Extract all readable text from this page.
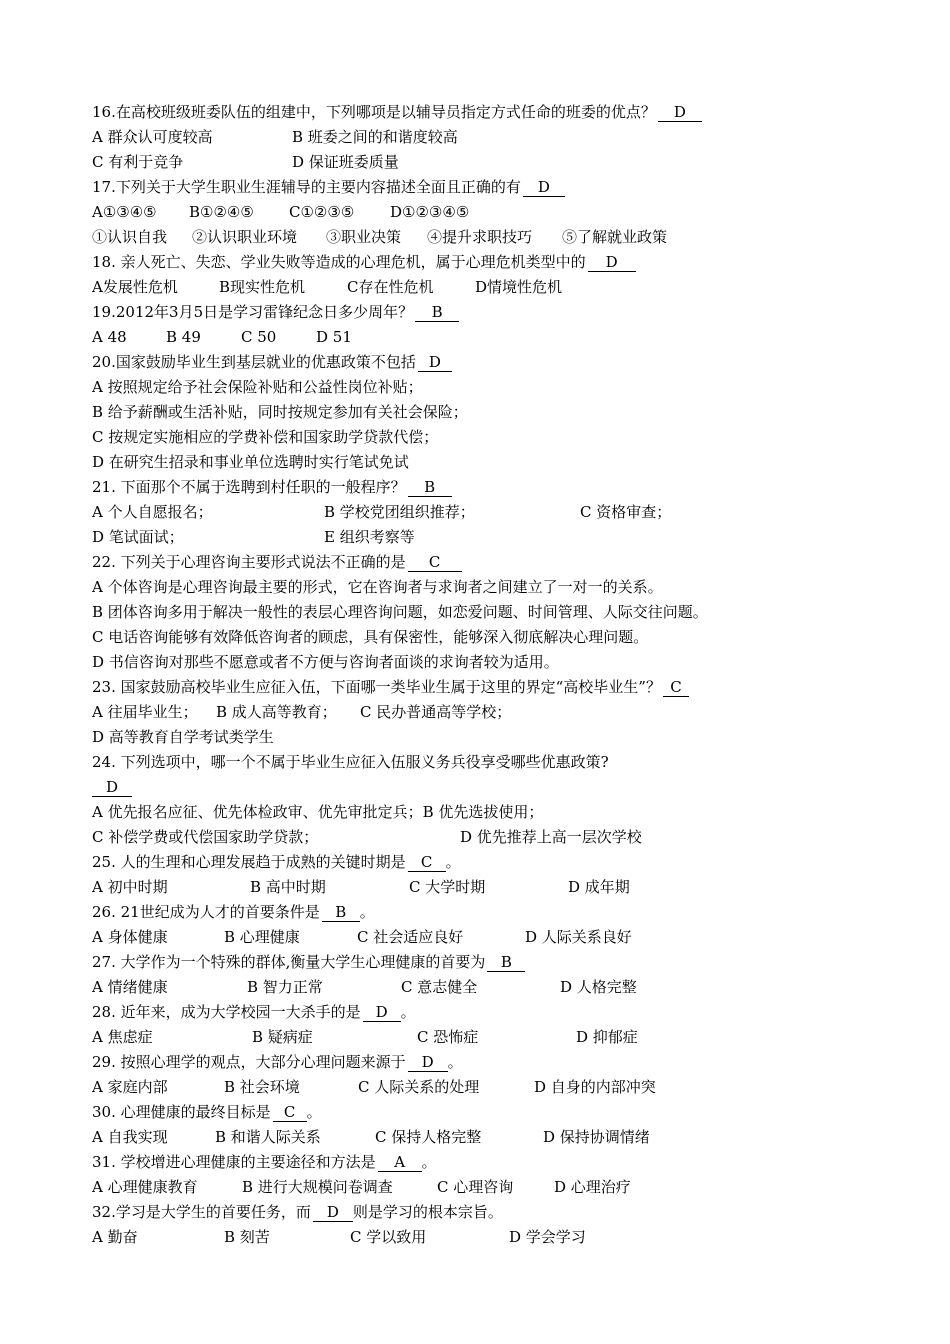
16.在高校班级班委队伍的组建中，下列哪项是以辅导员指定方式任命的班委的优点？ D
A 群众认可度较高	B 班委之间的和谐度较高
C 有利于竞争	D 保证班委质量
17.下列关于大学生职业生涯辅导的主要内容描述全面且正确的有 D
A①③④⑤ B①②④⑤ C①②③⑤ D①②③④⑤
①认识自我 ②认识职业环境 ③职业决策 ④提升求职技巧 ⑤了解就业政策
18. 亲人死亡、失恋、学业失败等造成的心理危机，属于心理危机类型中的 D
A发展性危机	B现实性危机	C存在性危机	D情境性危机
19.2012年3月5日是学习雷锋纪念日多少周年？ B
A 48	B 49	C 50	D 51
20.国家鼓励毕业生到基层就业的优惠政策不包括 D
A 按照规定给予社会保险补贴和公益性岗位补贴；
B 给予薪酬或生活补贴，同时按规定参加有关社会保险；
C 按规定实施相应的学费补偿和国家助学贷款代偿；
D 在研究生招录和事业单位选聘时实行笔试免试
21. 下面那个不属于选聘到村任职的一般程序？ B
A 个人自愿报名；	B 学校党团组织推荐；	C 资格审查；
D 笔试面试；	E 组织考察等
22. 下列关于心理咨询主要形式说法不正确的是 C
A 个体咨询是心理咨询最主要的形式，它在咨询者与求询者之间建立了一对一的关系。
B 团体咨询多用于解决一般性的表层心理咨询问题，如恋爱问题、时间管理、人际交往问题。
C 电话咨询能够有效降低咨询者的顾虑，具有保密性，能够深入彻底解决心理问题。
D 书信咨询对那些不愿意或者不方便与咨询者面谈的求询者较为适用。
23. 国家鼓励高校毕业生应征入伍，下面哪一类毕业生属于这里的界定“高校毕业生”？ C
A 往届毕业生； B 成人高等教育； C 民办普通高等学校；
D 高等教育自学考试类学生
24. 下列选项中，哪一个不属于毕业生应征入伍服义务兵役享受哪些优惠政策?
D
A 优先报名应征、优先体检政审、优先审批定兵；B 优先选拔使用；
C 补偿学费或代偿国家助学贷款；	D 优先推荐上高一层次学校
25. 人的生理和心理发展趋于成熟的关键时期是 C 。
A 初中时期	B 高中时期	C 大学时期	D 成年期
26. 21世纪成为人才的首要条件是 B 。
A 身体健康	B 心理健康	C 社会适应良好	D 人际关系良好
27. 大学作为一个特殊的群体,衡量大学生心理健康的首要为 B
A 情绪健康	B 智力正常	C 意志健全	D 人格完整
28. 近年来，成为大学校园一大杀手的是 D 。
A 焦虑症	B 疑病症	C 恐怖症	D 抑郁症
29. 按照心理学的观点，大部分心理问题来源于 D 。
A 家庭内部	B 社会环境	C 人际关系的处理	D 自身的内部冲突
30. 心理健康的最终目标是 C 。
A 自我实现	B 和谐人际关系	C 保持人格完整	D 保持协调情绪
31. 学校增进心理健康的主要途径和方法是 A 。
A 心理健康教育	B 进行大规模问卷调查	C 心理咨询	D 心理治疗
32.学习是大学生的首要任务，而 D 则是学习的根本宗旨。
A 勤奋	B 刻苦	C 学以致用	D 学会学习
